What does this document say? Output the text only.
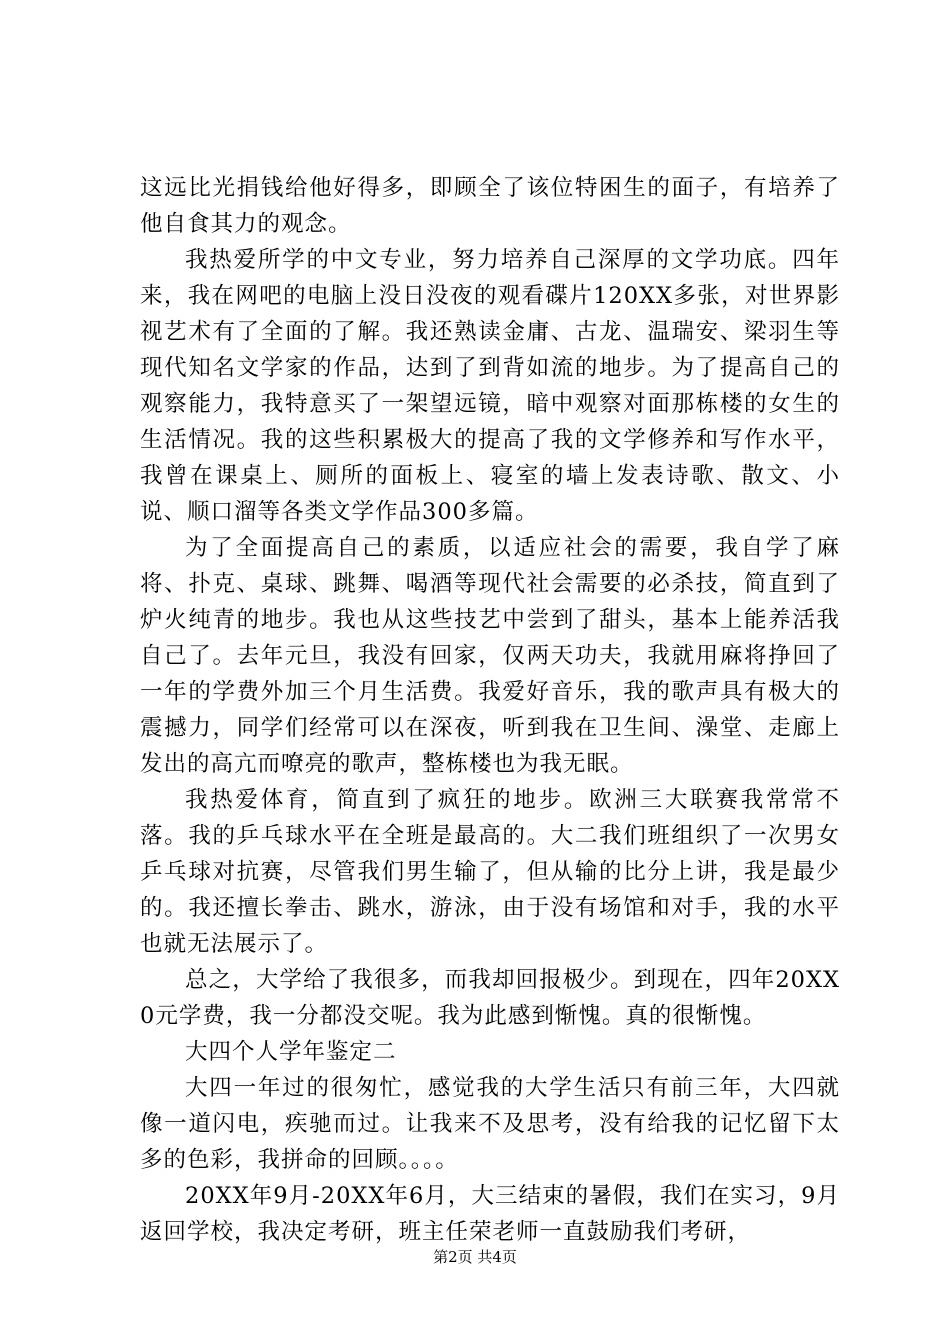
这远比光捐钱给他好得多，即顾全了该位特困生的面子，有培养了他自食其力的观念。

我热爱所学的中文专业，努力培养自己深厚的文学功底。四年来，我在网吧的电脑上没日没夜的观看碟片120XX多张，对世界影视艺术有了全面的了解。我还熟读金庸、古龙、温瑞安、梁羽生等现代知名文学家的作品，达到了到背如流的地步。为了提高自己的观察能力，我特意买了一架望远镜，暗中观察对面那栋楼的女生的生活情况。我的这些积累极大的提高了我的文学修养和写作水平，我曾在课桌上、厕所的面板上、寝室的墙上发表诗歌、散文、小说、顺口溜等各类文学作品300多篇。

为了全面提高自己的素质，以适应社会的需要，我自学了麻将、扑克、桌球、跳舞、喝酒等现代社会需要的必杀技，简直到了炉火纯青的地步。我也从这些技艺中尝到了甜头，基本上能养活我自己了。去年元旦，我没有回家，仅两天功夫，我就用麻将挣回了一年的学费外加三个月生活费。我爱好音乐，我的歌声具有极大的震撼力，同学们经常可以在深夜，听到我在卫生间、澡堂、走廊上发出的高亢而嘹亮的歌声，整栋楼也为我无眠。

我热爱体育，简直到了疯狂的地步。欧洲三大联赛我常常不落。我的乒乓球水平在全班是最高的。大二我们班组织了一次男女乒乓球对抗赛，尽管我们男生输了，但从输的比分上讲，我是最少的。我还擅长拳击、跳水，游泳，由于没有场馆和对手，我的水平也就无法展示了。

总之，大学给了我很多，而我却回报极少。到现在，四年20XX0元学费，我一分都没交呢。我为此感到惭愧。真的很惭愧。

大四个人学年鉴定二

大四一年过的很匆忙，感觉我的大学生活只有前三年，大四就像一道闪电，疾驰而过。让我来不及思考，没有给我的记忆留下太多的色彩，我拼命的回顾。。。。

20XX年9月-20XX年6月，大三结束的暑假，我们在实习，9月返回学校，我决定考研，班主任荣老师一直鼓励我们考研，

第2页 共4页
